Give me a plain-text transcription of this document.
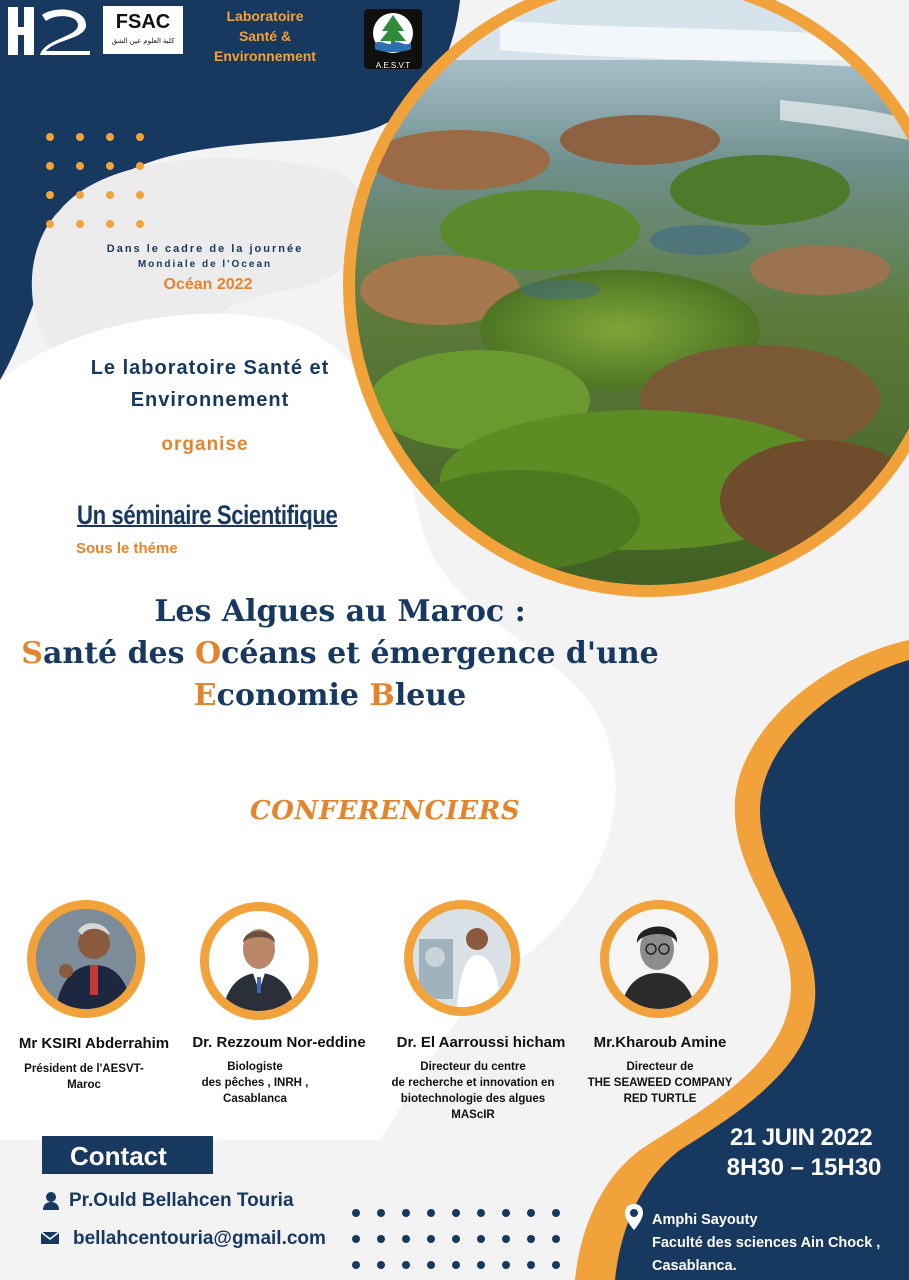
FSAC
كلية العلوم عين الشق
Laboratoire
Santé &
Environnement
A.E.S.V.T
Dans le cadre de la journée
Mondiale de l'Ocean
Océan 2022
Le laboratoire Santé et
Environnement
organise
Un séminaire Scientifique
Sous le théme
Les Algues au Maroc :
Santé des Océans et émergence d'une
Economie Bleue
CONFERENCIERS
Mr KSIRI Abderrahim	Dr. Rezzoum Nor-eddine	Dr. El Aarroussi hicham	Mr.Kharoub Amine
Président de l'AESVT-
Maroc
Biologiste
des pêches , INRH ,
Casablanca
Directeur du centre
de recherche et innovation en
biotechnologie des algues
MAScIR
Directeur de
THE SEAWEED COMPANY
RED TURTLE
Contact
Pr.Ould Bellahcen Touria
bellahcentouria@gmail.com
21 JUIN 2022
8H30 – 15H30
Amphi Sayouty
Faculté des sciences Ain Chock ,
Casablanca.
